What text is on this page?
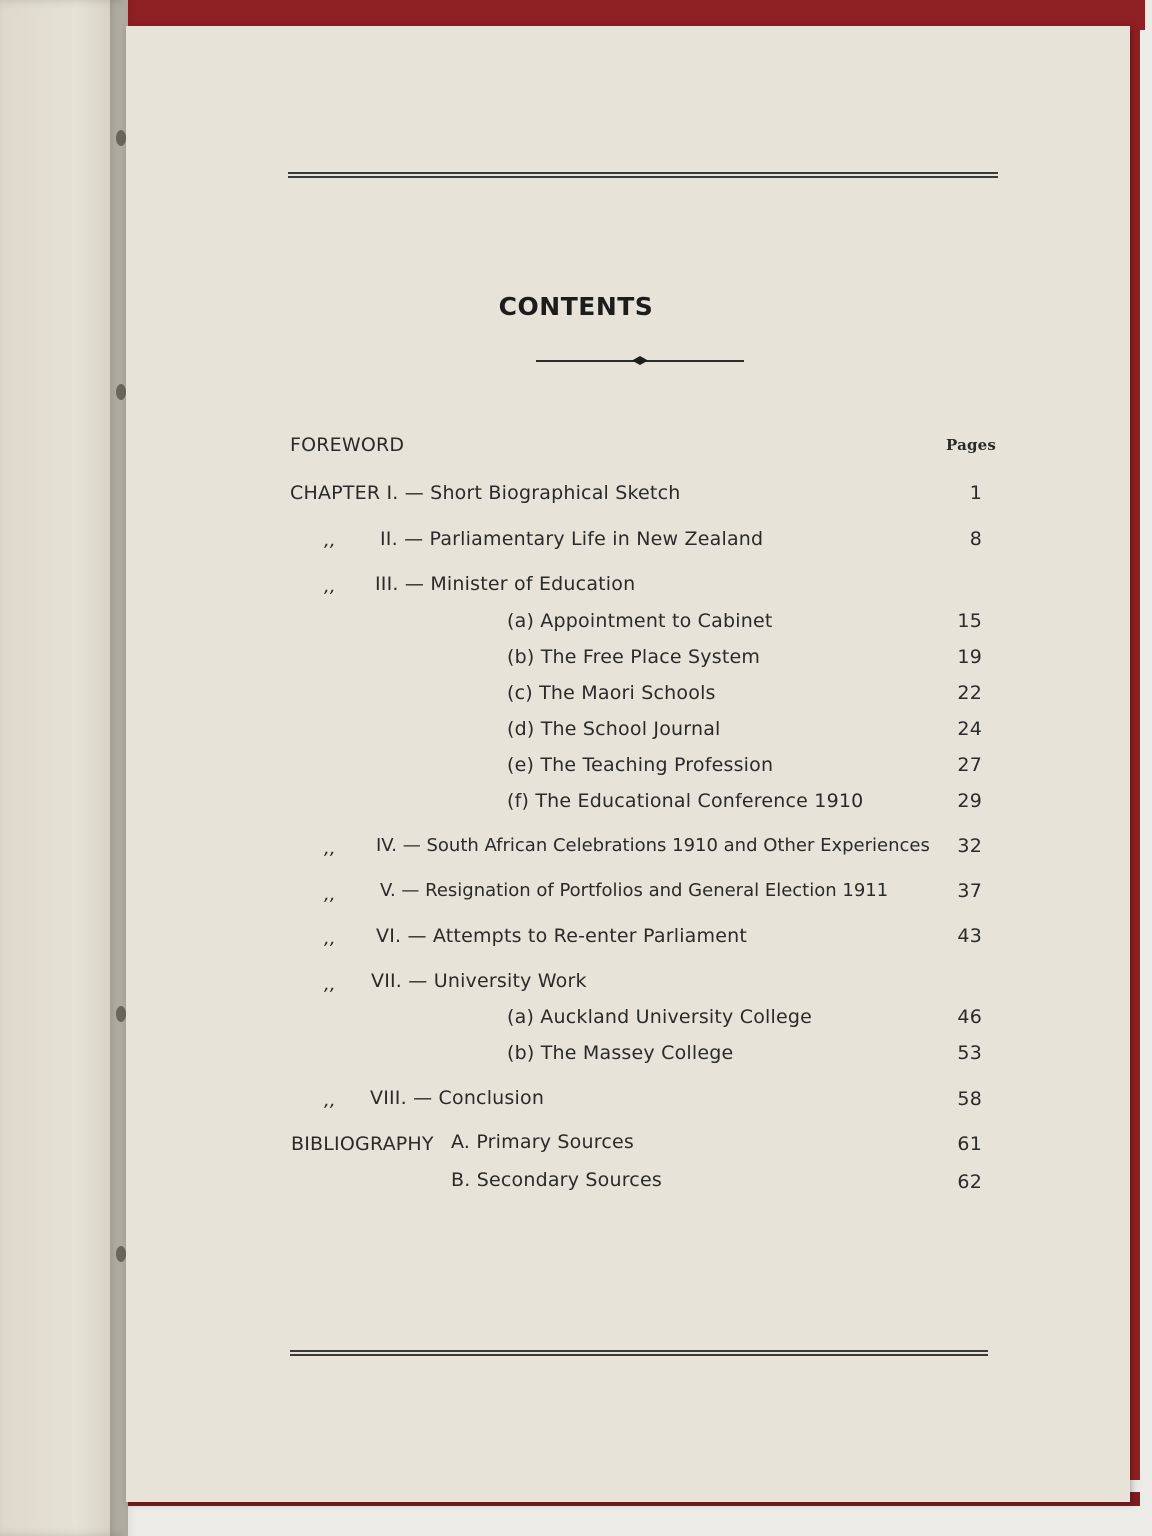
CONTENTS
FOREWORD	Pages
CHAPTER I. — Short Biographical Sketch	1
,, II. — Parliamentary Life in New Zealand	8
,, III. — Minister of Education
(a) Appointment to Cabinet	15
(b) The Free Place System	19
(c) The Maori Schools	22
(d) The School Journal	24
(e) The Teaching Profession	27
(f) The Educational Conference 1910	29
,, IV. — South African Celebrations 1910 and Other Experiences	32
,, V. — Resignation of Portfolios and General Election 1911	37
,, VI. — Attempts to Re-enter Parliament	43
,, VII. — University Work
(a) Auckland University College	46
(b) The Massey College	53
,, VIII. — Conclusion	58
BIBLIOGRAPHY A. Primary Sources	61
B. Secondary Sources	62
